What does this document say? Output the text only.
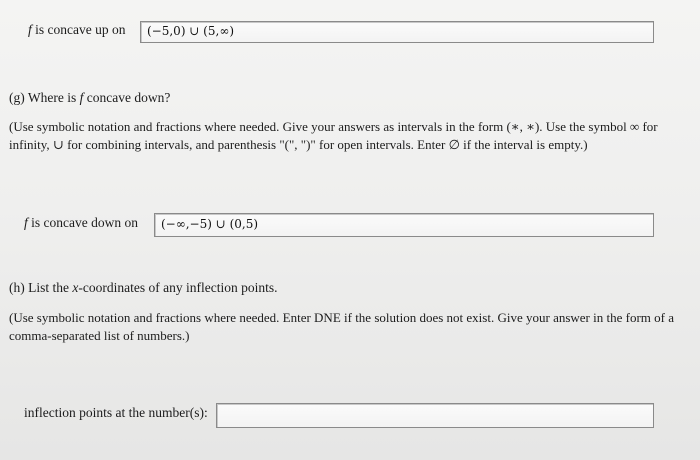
f is concave up on	(−5,0) ∪ (5,∞)
(g) Where is f concave down?
(Use symbolic notation and fractions where needed. Give your answers as intervals in the form (∗, ∗). Use the symbol ∞ for
infinity, ∪ for combining intervals, and parenthesis "(", ")" for open intervals. Enter ∅ if the interval is empty.)
f is concave down on	(−∞,−5) ∪ (0,5)
(h) List the x-coordinates of any inflection points.
(Use symbolic notation and fractions where needed. Enter DNE if the solution does not exist. Give your answer in the form of a
comma-separated list of numbers.)
inflection points at the number(s):
